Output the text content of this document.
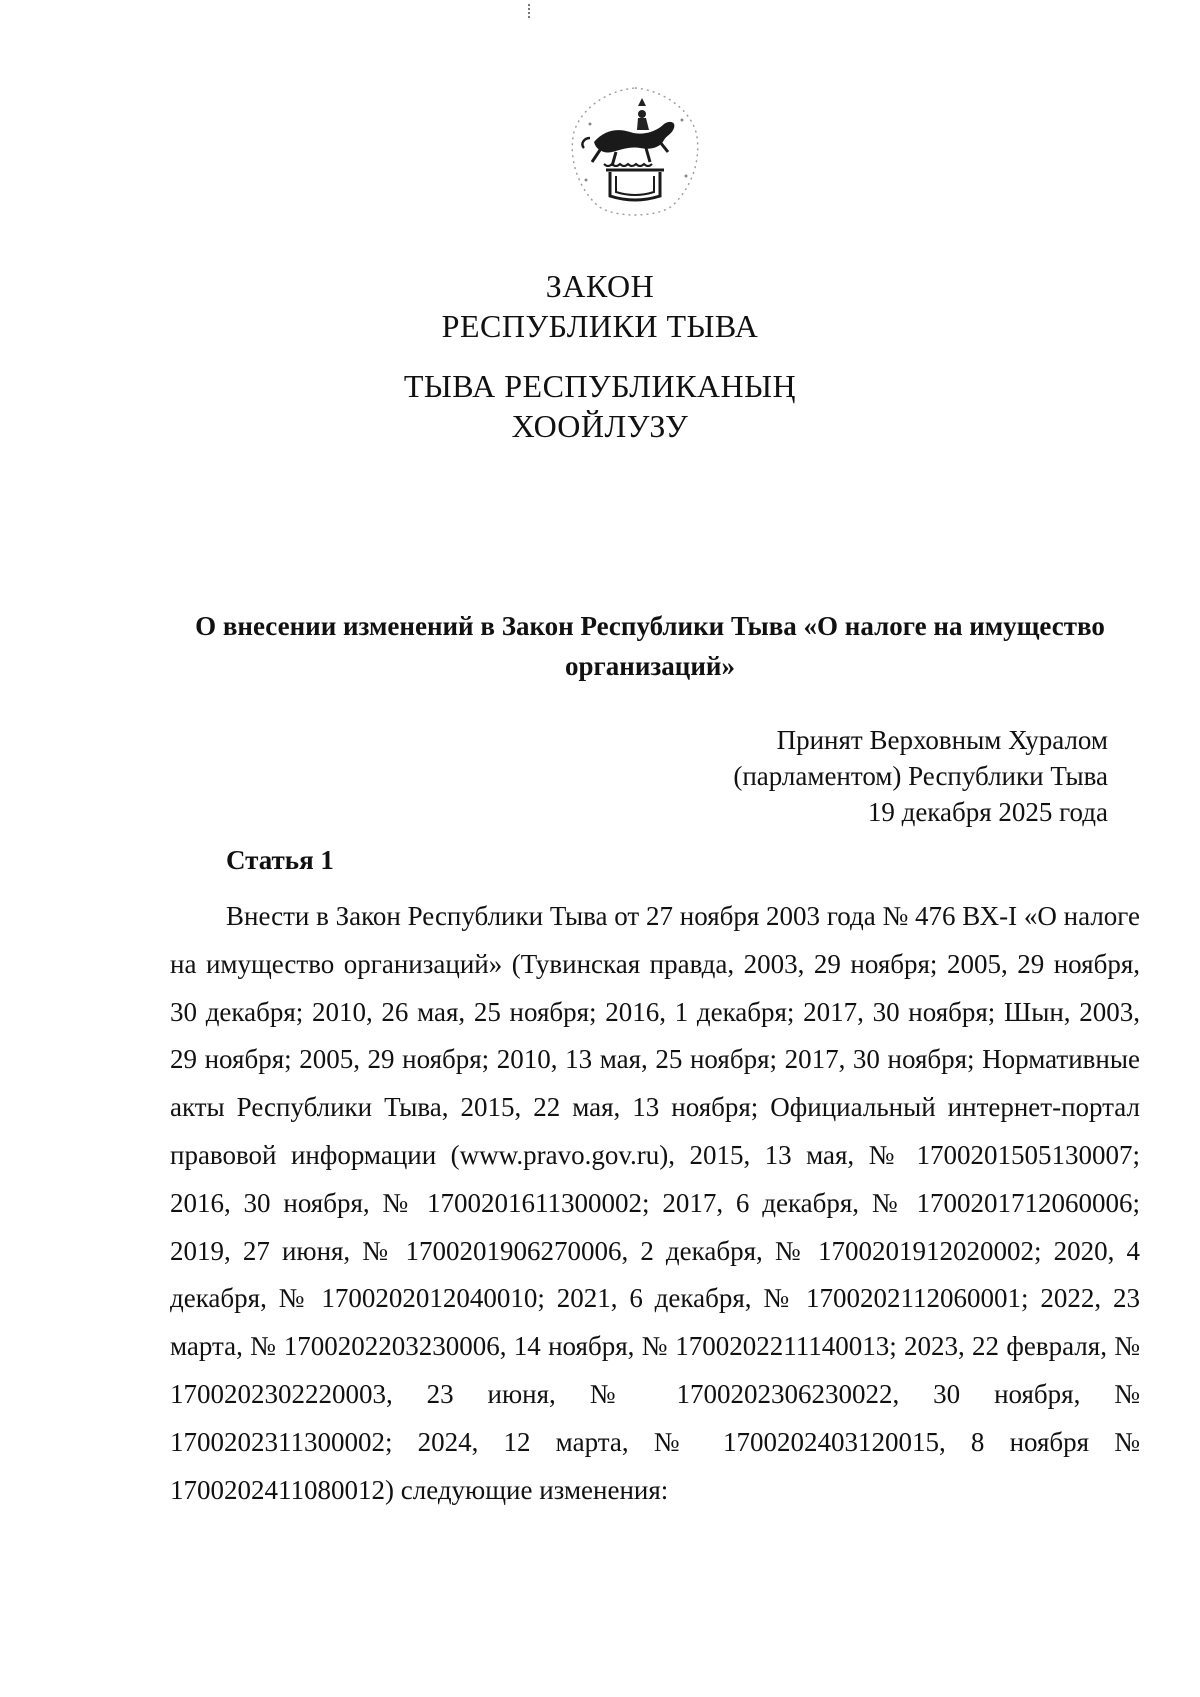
ЗАКОН
РЕСПУБЛИКИ ТЫВА
ТЫВА РЕСПУБЛИКАНЫҢ
ХООЙЛУЗУ
О внесении изменений в Закон Республики Тыва «О налоге на имущество организаций»
Принят Верховным Хуралом
(парламентом) Республики Тыва
19 декабря 2025 года
Статья 1

Внести в Закон Республики Тыва от 27 ноября 2003 года № 476 ВХ-I «О налоге на имущество организаций» (Тувинская правда, 2003, 29 ноября; 2005, 29 ноября, 30 декабря; 2010, 26 мая, 25 ноября; 2016, 1 декабря; 2017, 30 ноября; Шын, 2003, 29 ноября; 2005, 29 ноября; 2010, 13 мая, 25 ноября; 2017, 30 ноября; Нормативные акты Республики Тыва, 2015, 22 мая, 13 ноября; Официальный интернет-портал правовой информации (www.pravo.gov.ru), 2015, 13 мая, № 1700201505130007; 2016, 30 ноября, № 1700201611300002; 2017, 6 декабря, № 1700201712060006; 2019, 27 июня, № 1700201906270006, 2 декабря, № 1700201912020002; 2020, 4 декабря, № 1700202012040010; 2021, 6 декабря, № 1700202112060001; 2022, 23 марта, № 1700202203230006, 14 ноября, № 1700202211140013; 2023, 22 февраля, № 1700202302220003, 23 июня, № 1700202306230022, 30 ноября, № 1700202311300002; 2024, 12 марта, № 1700202403120015, 8 ноября № 1700202411080012) следующие изменения:
